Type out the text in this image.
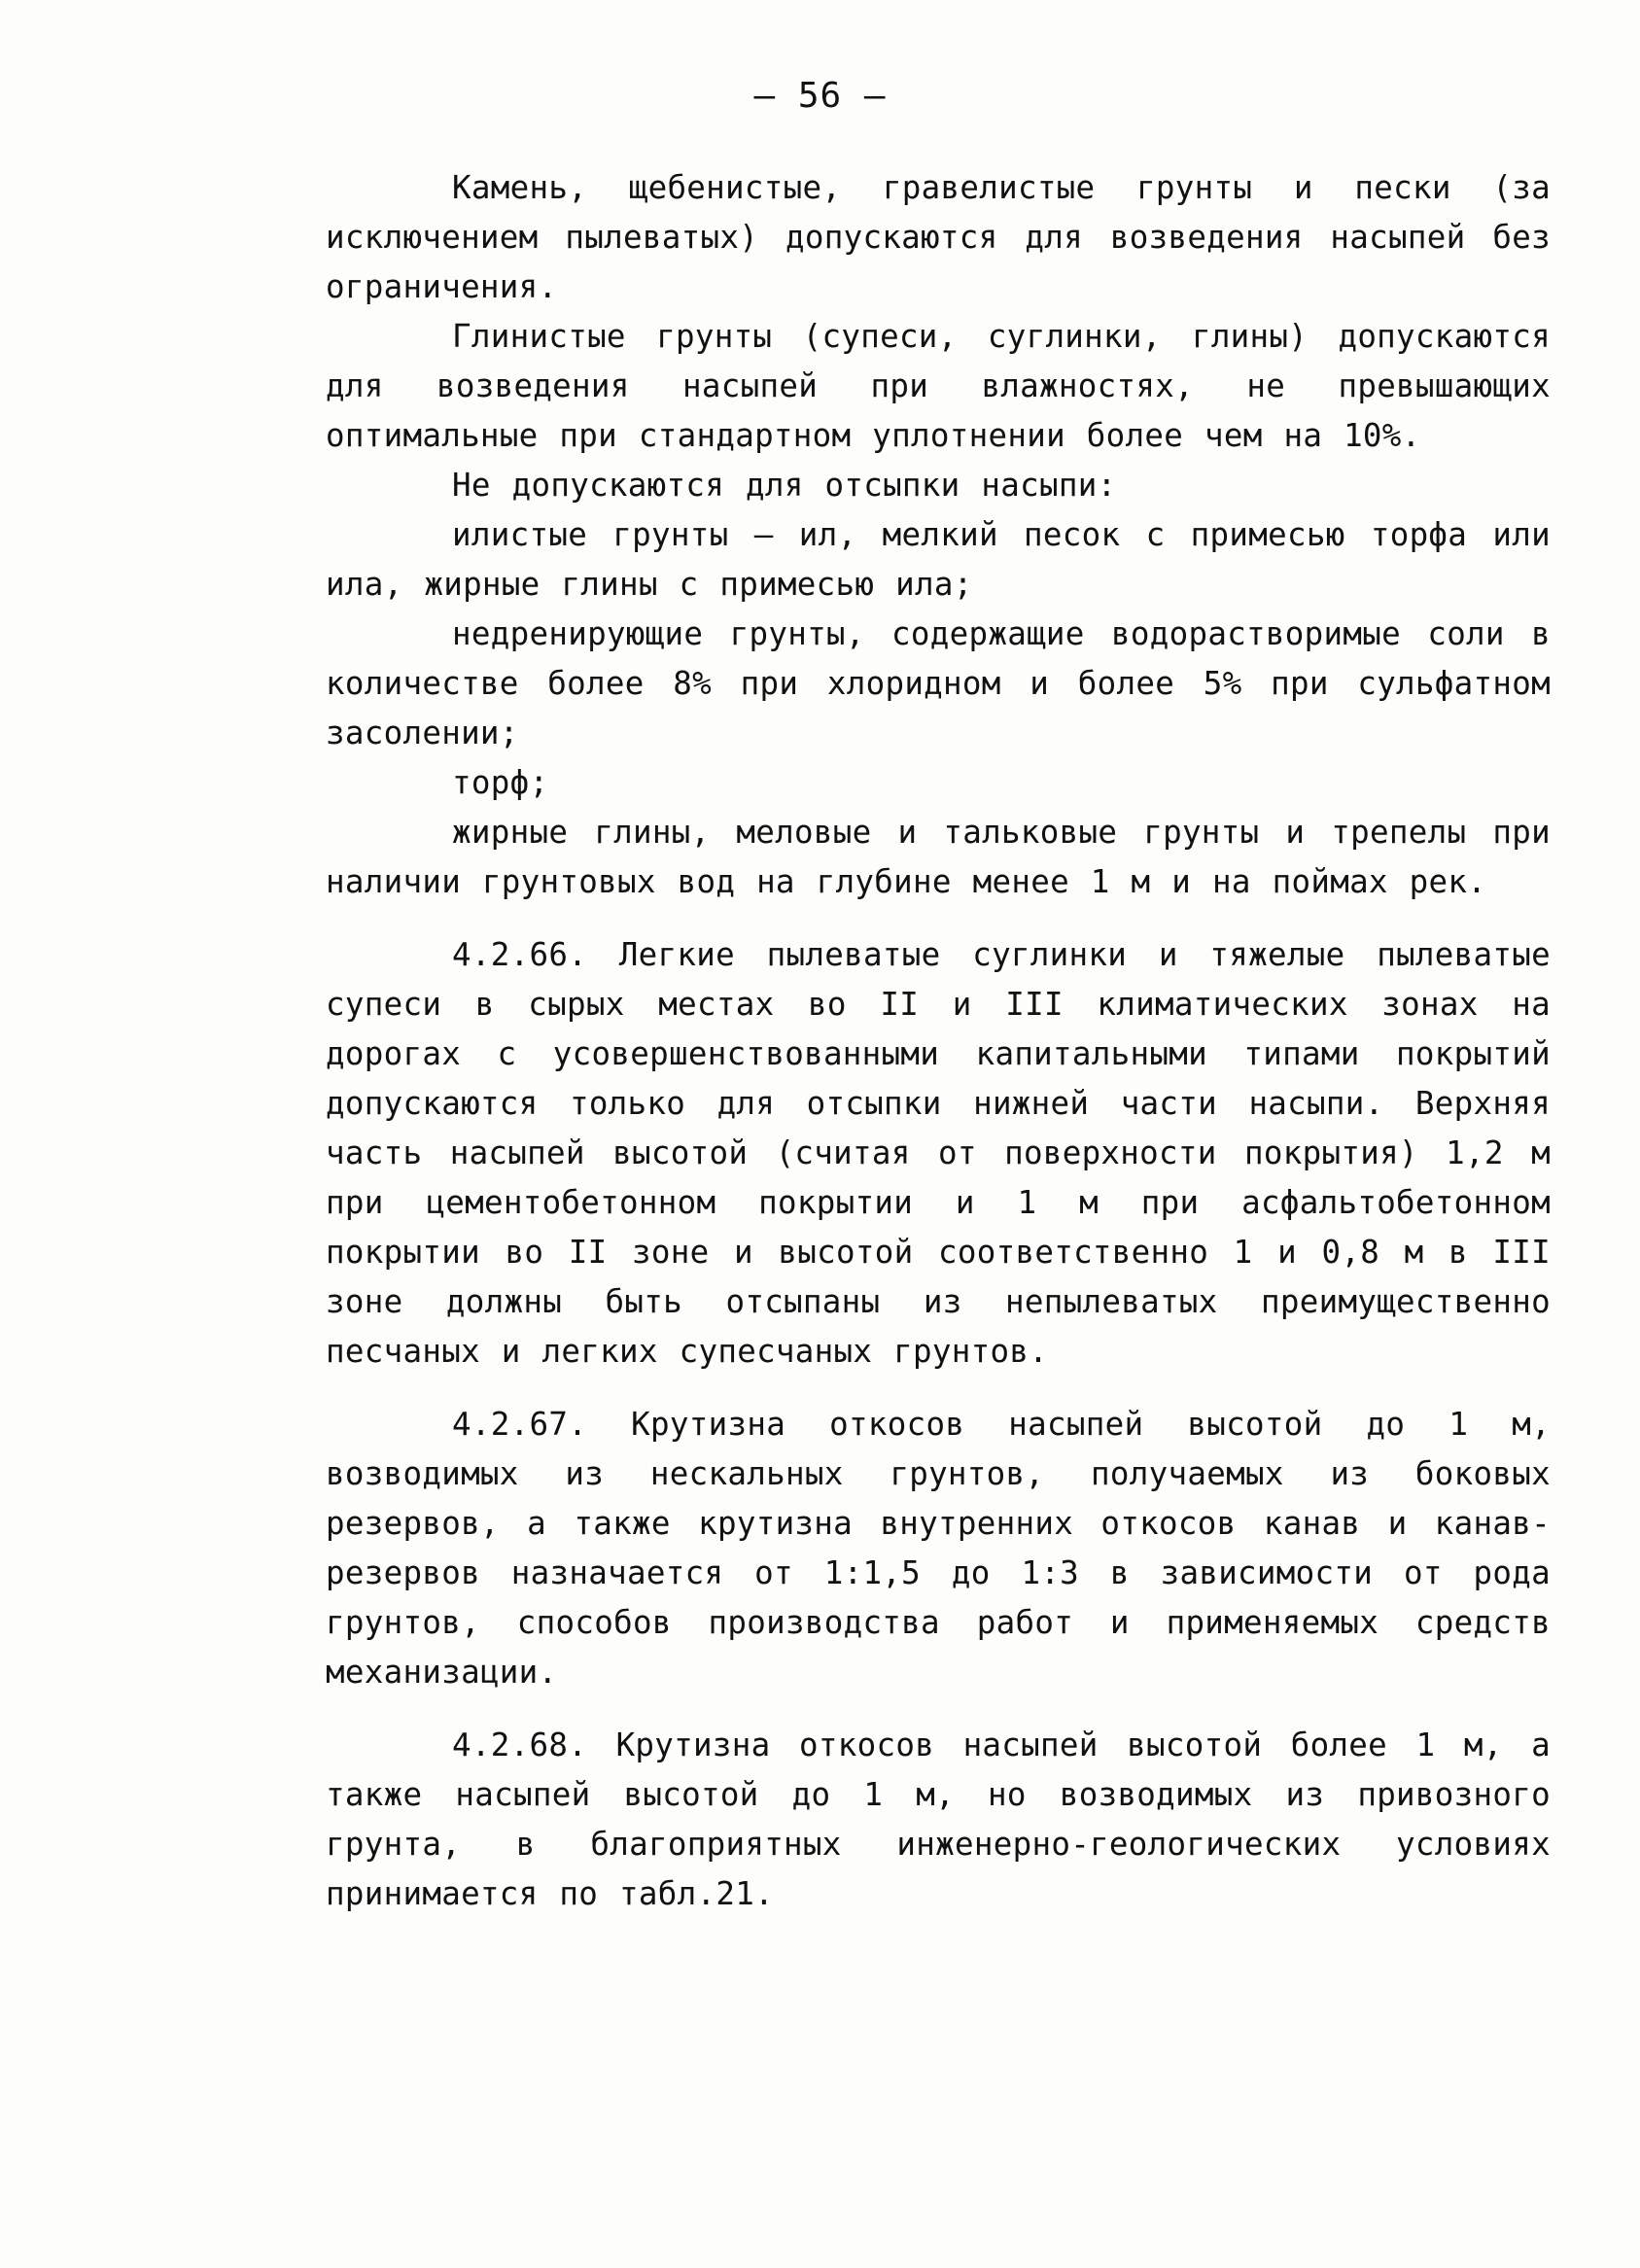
— 56 —

Камень, щебенистые, гравелистые грунты и пески (за исключением пылеватых) допускаются для возведения насыпей без ограничения.

Глинистые грунты (супеси, суглинки, глины) допускаются для возведения насыпей при влажностях, не превышающих оптимальные при стандартном уплотнении более чем на 10%.

Не допускаются для отсыпки насыпи:

илистые грунты – ил, мелкий песок с примесью торфа или ила, жирные глины с примесью ила;

недренирующие грунты, содержащие водорастворимые соли в количестве более 8% при хлоридном и более 5% при сульфатном засолении;

торф;

жирные глины, меловые и тальковые грунты и трепелы при наличии грунтовых вод на глубине менее 1 м и на поймах рек.

4.2.66. Легкие пылеватые суглинки и тяжелые пылеватые супеси в сырых местах во II и III климатических зонах на дорогах с усовершенствованными капитальными типами покрытий допускаются только для отсыпки нижней части насыпи. Верхняя часть насыпей высотой (считая от поверхности покрытия) 1,2 м при цементобетонном покрытии и 1 м при асфальтобетонном покрытии во II зоне и высотой соответственно 1 и 0,8 м в III зоне должны быть отсыпаны из непылеватых преимущественно песчаных и легких супесчаных грунтов.

4.2.67. Крутизна откосов насыпей высотой до 1 м, возводимых из нескальных грунтов, получаемых из боковых резервов, а также крутизна внутренних откосов канав и канав-резервов назначается от 1:1,5 до 1:3 в зависимости от рода грунтов, способов производства работ и применяемых средств механизации.

4.2.68. Крутизна откосов насыпей высотой более 1 м, а также насыпей высотой до 1 м, но возводимых из привозного грунта, в благоприятных инженерно-геологических условиях принимается по табл.21.
